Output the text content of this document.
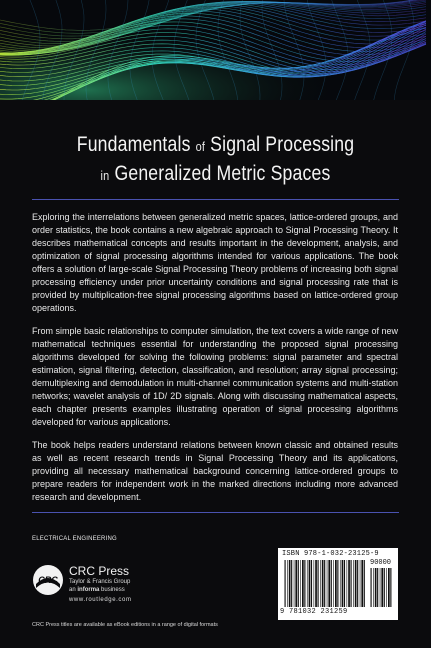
Fundamentals of Signal Processing
in Generalized Metric Spaces

Exploring the interrelations between generalized metric spaces, lattice-ordered groups, and order statistics, the book contains a new algebraic approach to Signal Processing Theory. It describes mathematical concepts and results important in the development, analysis, and optimization of signal processing algorithms intended for various applications. The book offers a solution of large-scale Signal Processing Theory problems of increasing both signal processing efficiency under prior uncertainty conditions and signal processing rate that is provided by multiplication-free signal processing algorithms based on lattice-ordered group operations.

From simple basic relationships to computer simulation, the text covers a wide range of new mathematical techniques essential for understanding the proposed signal processing algorithms developed for solving the following problems: signal parameter and spectral estimation, signal filtering, detection, classification, and resolution; array signal processing; demultiplexing and demodulation in multi-channel communication systems and multi-station networks; wavelet analysis of 1D/ 2D signals. Along with discussing mathematical aspects, each chapter presents examples illustrating operation of signal processing algorithms developed for various applications.

The book helps readers understand relations between known classic and obtained results as well as recent research trends in Signal Processing Theory and its applications, providing all necessary mathematical background concerning lattice-ordered groups to prepare readers for independent work in the marked directions including more advanced research and development.

ELECTRICAL ENGINEERING
CRC
CRC Press
Taylor & Francis Group
an informa business
www.routledge.com
CRC Press titles are available as eBook editions in a range of digital formats
ISBN 978-1-032-23125-9
90000
9 781032 231259
